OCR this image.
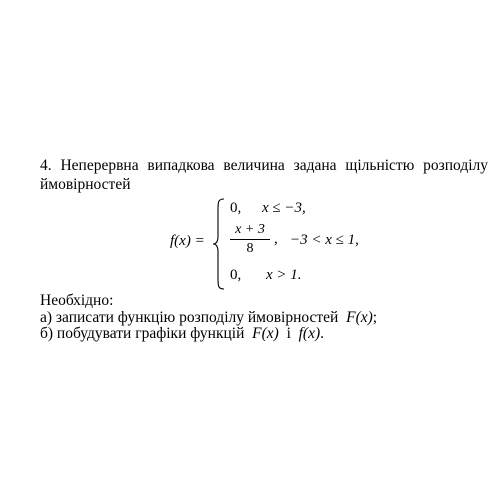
4. Неперервна випадкова величина задана щільністю розподілу ймовірностей
f(x) =
0, x ≤ −3,
x + 3
8
, −3 < x ≤ 1,
0, x > 1.
Необхідно:
а) записати функцію розподілу ймовірностей F(x);
б) побудувати графіки функцій F(x) і f(x).
